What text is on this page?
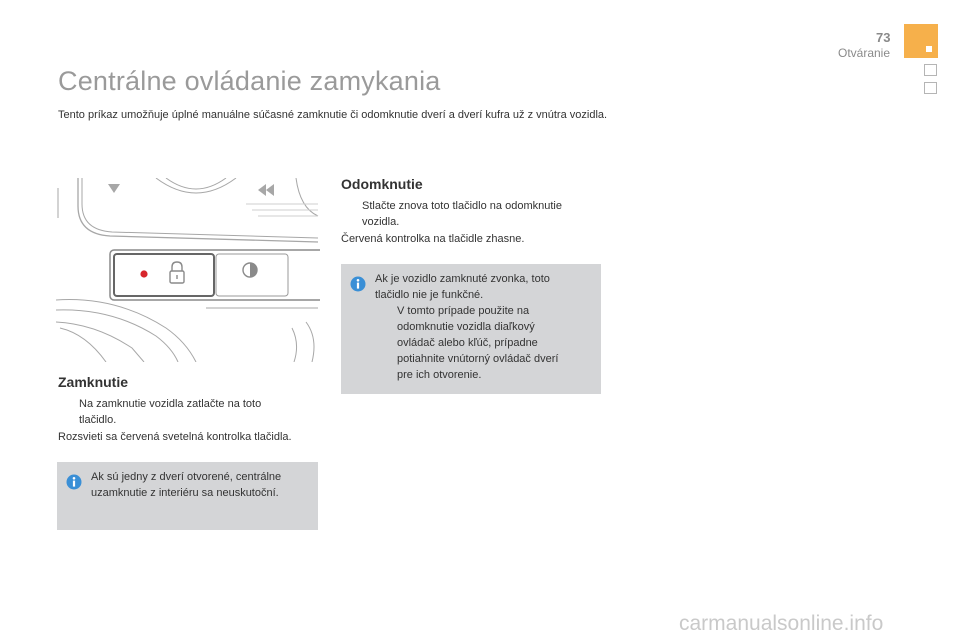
73
Otváranie
Centrálne ovládanie zamykania

Tento príkaz umožňuje úplné manuálne súčasné zamknutie či odomknutie dverí a dverí kufra už z vnútra vozidla.

Zamknutie
Na zamknutie vozidla zatlačte na toto
tlačidlo.
Rozsvieti sa červená svetelná kontrolka tlačidla.
Ak sú jedny z dverí otvorené, centrálne
uzamknutie z interiéru sa neuskutoční.
Odomknutie
Stlačte znova toto tlačidlo na odomknutie
vozidla.
Červená kontrolka na tlačidle zhasne.
Ak je vozidlo zamknuté zvonka, toto
tlačidlo nie je funkčné.
V tomto prípade použite na
odomknutie vozidla diaľkový
ovládač alebo kľúč, prípadne
potiahnite vnútorný ovládač dverí
pre ich otvorenie.
carmanualsonline.info
